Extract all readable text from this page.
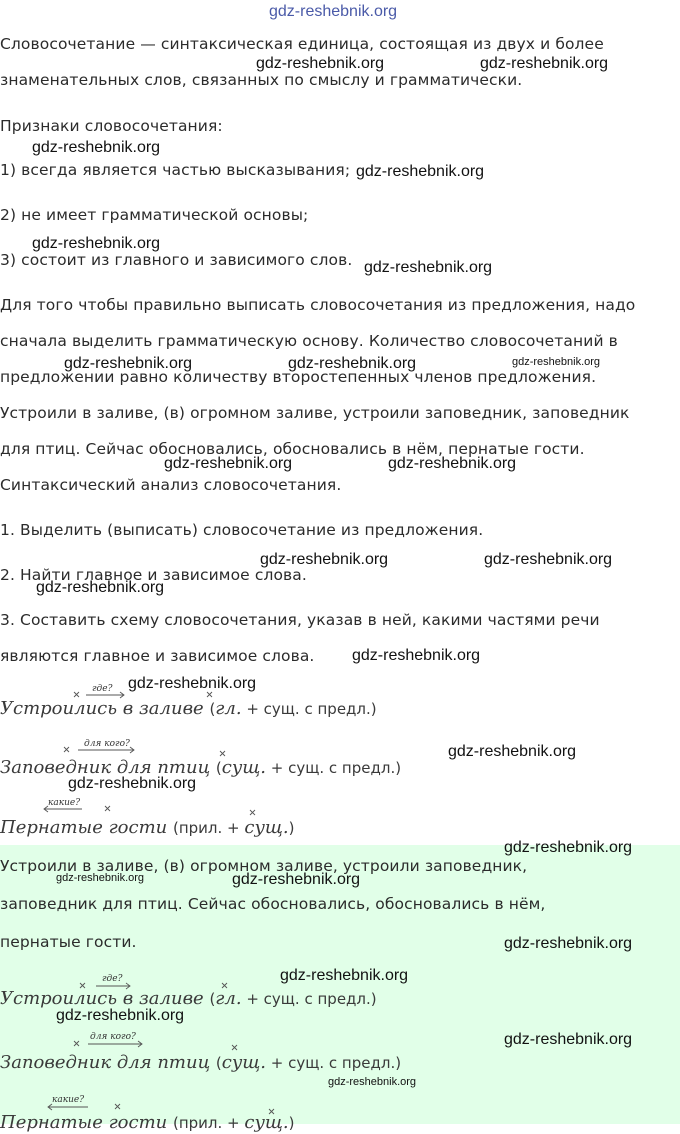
gdz-reshebnik.org
Словосочетание — синтаксическая единица, состоящая из двух и более
знаменательных слов, связанных по смыслу и грамматически.
Признаки словосочетания:
1) всегда является частью высказывания;
2) не имеет грамматической основы;
3) состоит из главного и зависимого слов.
Для того чтобы правильно выписать словосочетания из предложения, надо
сначала выделить грамматическую основу. Количество словосочетаний в
предложении равно количеству второстепенных членов предложения.
Устроили в заливе, (в) огромном заливе, устроили заповедник, заповедник
для птиц. Сейчас обосновались, обосновались в нём, пернатые гости.
Синтаксический анализ словосочетания.
1. Выделить (выписать) словосочетание из предложения.
2. Найти главное и зависимое слова.
3. Составить схему словосочетания, указав в ней, какими частями речи
являются главное и зависимое слова.
Устроились в заливе (гл. + сущ. с предл.)
Заповедник для птиц (сущ. + сущ. с предл.)
Пернатые гости (прил. + сущ.)
Устроили в заливе, (в) огромном заливе, устроили заповедник,
заповедник для птиц. Сейчас обосновались, обосновались в нём,
пернатые гости.
Устроились в заливе (гл. + сущ. с предл.)
Заповедник для птиц (сущ. + сущ. с предл.)
Пернатые гости (прил. + сущ.)
где?
для кого?
какие?
где?
для кого?
какие?
gdz-reshebnik.org	gdz-reshebnik.org
gdz-reshebnik.org
gdz-reshebnik.org
gdz-reshebnik.org
gdz-reshebnik.org
gdz-reshebnik.org	gdz-reshebnik.org	gdz-reshebnik.org
gdz-reshebnik.org	gdz-reshebnik.org
gdz-reshebnik.org	gdz-reshebnik.org
gdz-reshebnik.org
gdz-reshebnik.org
gdz-reshebnik.org
gdz-reshebnik.org
gdz-reshebnik.org
gdz-reshebnik.org
gdz-reshebnik.org	gdz-reshebnik.org
gdz-reshebnik.org
gdz-reshebnik.org
gdz-reshebnik.org
gdz-reshebnik.org
gdz-reshebnik.org
